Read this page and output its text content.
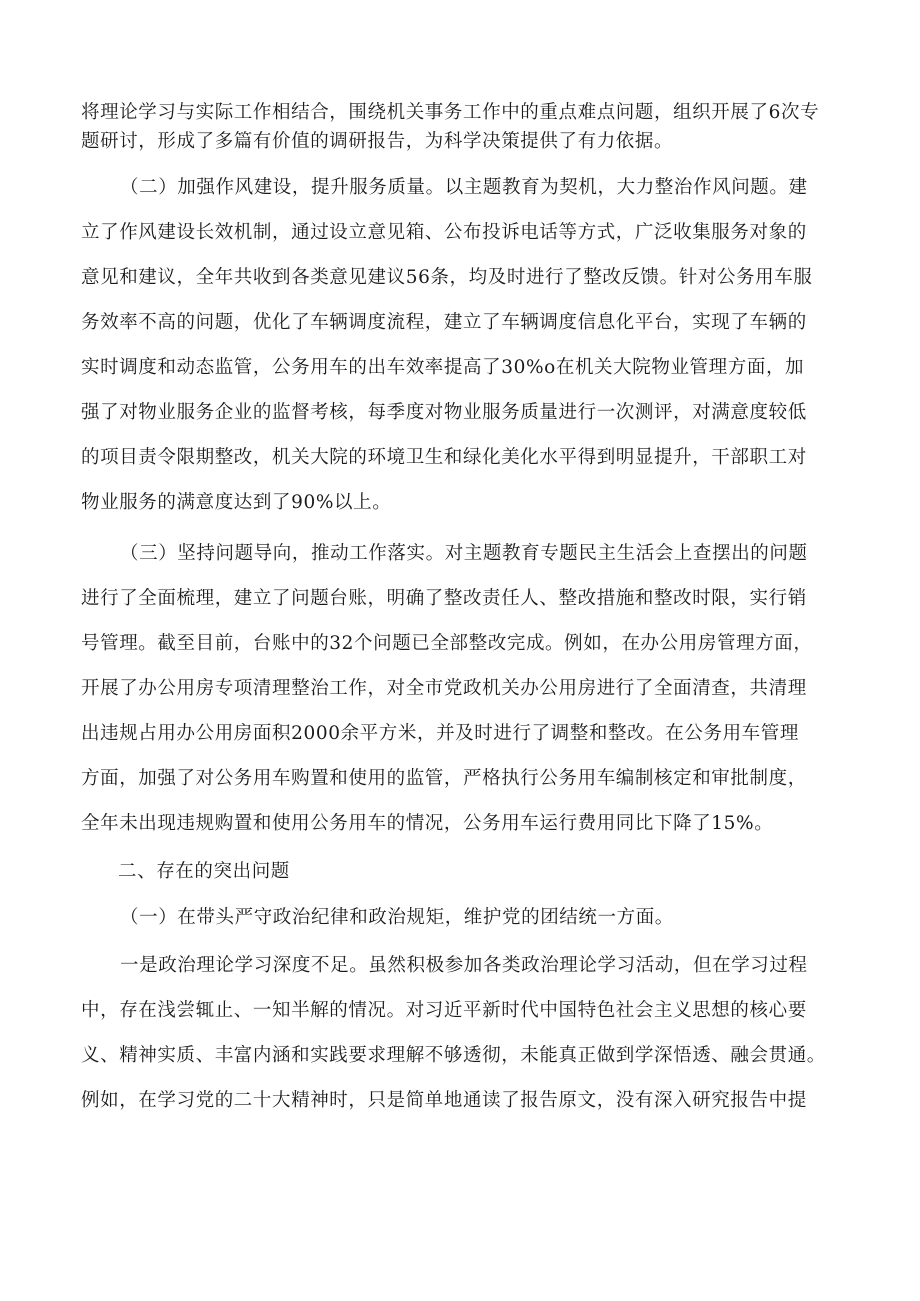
将理论学习与实际工作相结合，围绕机关事务工作中的重点难点问题，组织开展了6次专
题研讨，形成了多篇有价值的调研报告，为科学决策提供了有力依据。
（二）加强作风建设，提升服务质量。以主题教育为契机，大力整治作风问题。建
立了作风建设长效机制，通过设立意见箱、公布投诉电话等方式，广泛收集服务对象的
意见和建议，全年共收到各类意见建议56条，均及时进行了整改反馈。针对公务用车服
务效率不高的问题，优化了车辆调度流程，建立了车辆调度信息化平台，实现了车辆的
实时调度和动态监管，公务用车的出车效率提高了30%o在机关大院物业管理方面，加
强了对物业服务企业的监督考核，每季度对物业服务质量进行一次测评，对满意度较低
的项目责令限期整改，机关大院的环境卫生和绿化美化水平得到明显提升，干部职工对
物业服务的满意度达到了90%以上。
（三）坚持问题导向，推动工作落实。对主题教育专题民主生活会上查摆出的问题
进行了全面梳理，建立了问题台账，明确了整改责任人、整改措施和整改时限，实行销
号管理。截至目前，台账中的32个问题已全部整改完成。例如，在办公用房管理方面，
开展了办公用房专项清理整治工作，对全市党政机关办公用房进行了全面清查，共清理
出违规占用办公用房面积2000余平方米，并及时进行了调整和整改。在公务用车管理
方面，加强了对公务用车购置和使用的监管，严格执行公务用车编制核定和审批制度，
全年未出现违规购置和使用公务用车的情况，公务用车运行费用同比下降了15%。
二、存在的突出问题
（一）在带头严守政治纪律和政治规矩，维护党的团结统一方面。
一是政治理论学习深度不足。虽然积极参加各类政治理论学习活动，但在学习过程
中，存在浅尝辄止、一知半解的情况。对习近平新时代中国特色社会主义思想的核心要
义、精神实质、丰富内涵和实践要求理解不够透彻，未能真正做到学深悟透、融会贯通。
例如，在学习党的二十大精神时，只是简单地通读了报告原文，没有深入研究报告中提
